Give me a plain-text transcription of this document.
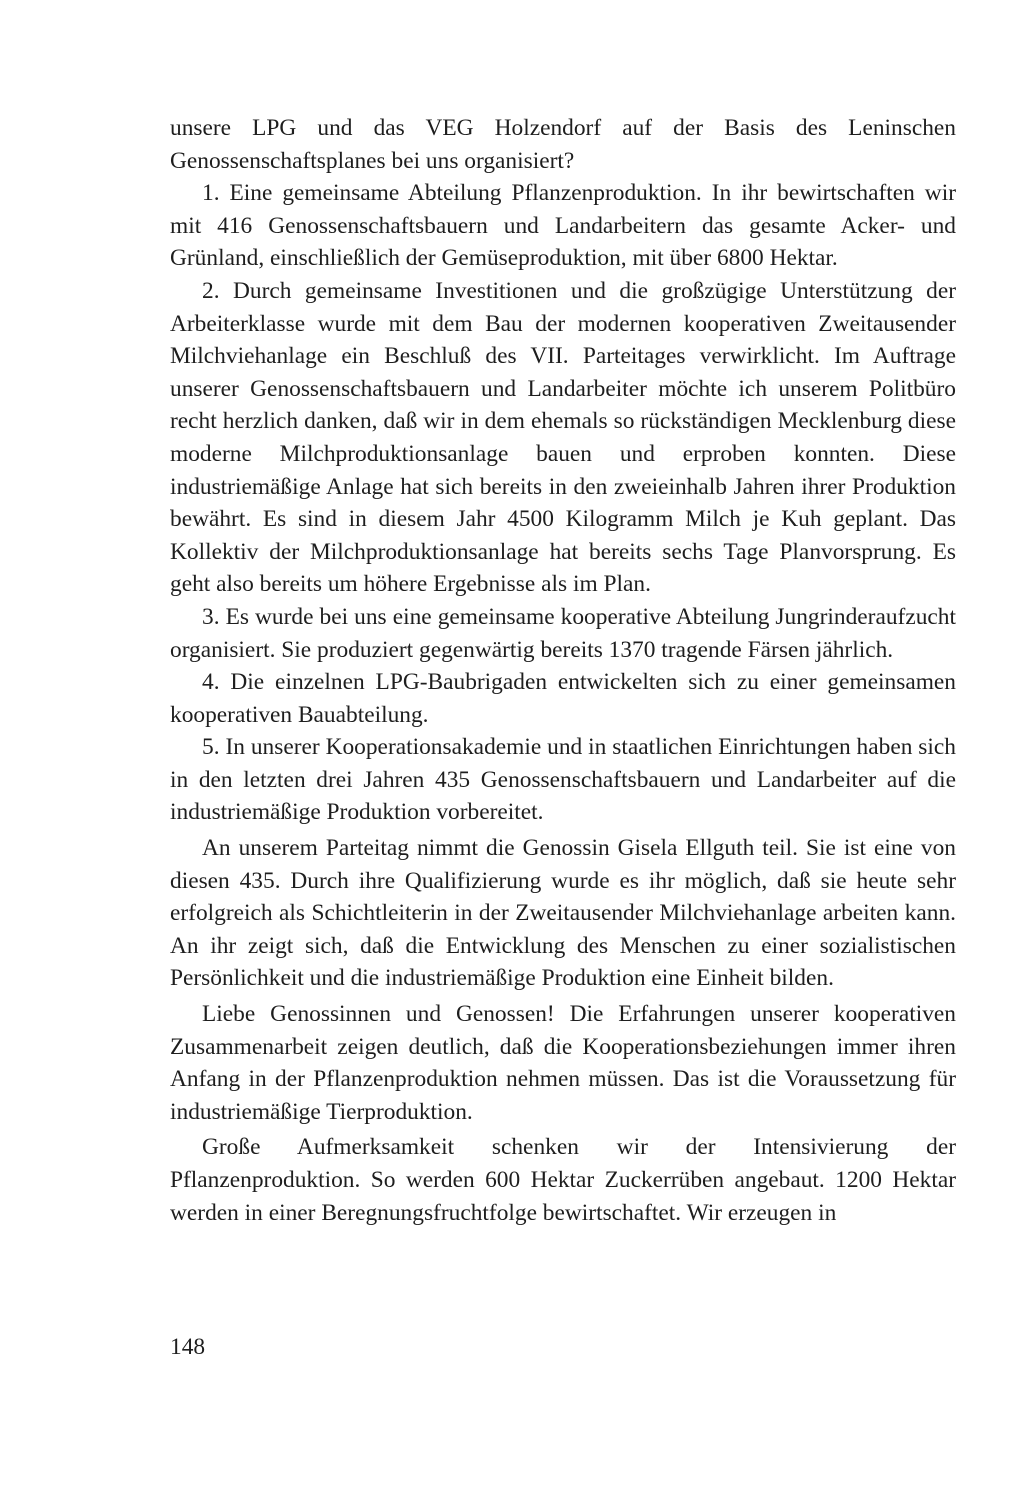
unsere LPG und das VEG Holzendorf auf der Basis des Leninschen Genossenschaftsplanes bei uns organisiert?

1. Eine gemeinsame Abteilung Pflanzenproduktion. In ihr bewirtschaften wir mit 416 Genossenschaftsbauern und Landarbeitern das gesamte Acker- und Grünland, einschließlich der Gemüseproduktion, mit über 6800 Hektar.

2. Durch gemeinsame Investitionen und die großzügige Unterstützung der Arbeiterklasse wurde mit dem Bau der modernen kooperativen Zweitausender Milchviehanlage ein Beschluß des VII. Parteitages verwirklicht. Im Auftrage unserer Genossenschaftsbauern und Landarbeiter möchte ich unserem Politbüro recht herzlich danken, daß wir in dem ehemals so rückständigen Mecklenburg diese moderne Milchproduktionsanlage bauen und erproben konnten. Diese industriemäßige Anlage hat sich bereits in den zweieinhalb Jahren ihrer Produktion bewährt. Es sind in diesem Jahr 4500 Kilogramm Milch je Kuh geplant. Das Kollektiv der Milchproduktionsanlage hat bereits sechs Tage Planvorsprung. Es geht also bereits um höhere Ergebnisse als im Plan.

3. Es wurde bei uns eine gemeinsame kooperative Abteilung Jungrinderaufzucht organisiert. Sie produziert gegenwärtig bereits 1370 tragende Färsen jährlich.

4. Die einzelnen LPG-Baubrigaden entwickelten sich zu einer gemeinsamen kooperativen Bauabteilung.

5. In unserer Kooperationsakademie und in staatlichen Einrichtungen haben sich in den letzten drei Jahren 435 Genossenschaftsbauern und Landarbeiter auf die industriemäßige Produktion vorbereitet.

An unserem Parteitag nimmt die Genossin Gisela Ellguth teil. Sie ist eine von diesen 435. Durch ihre Qualifizierung wurde es ihr möglich, daß sie heute sehr erfolgreich als Schichtleiterin in der Zweitausender Milchviehanlage arbeiten kann. An ihr zeigt sich, daß die Entwicklung des Menschen zu einer sozialistischen Persönlichkeit und die industriemäßige Produktion eine Einheit bilden.

Liebe Genossinnen und Genossen! Die Erfahrungen unserer kooperativen Zusammenarbeit zeigen deutlich, daß die Kooperationsbeziehungen immer ihren Anfang in der Pflanzenproduktion nehmen müssen. Das ist die Voraussetzung für industriemäßige Tierproduktion.

Große Aufmerksamkeit schenken wir der Intensivierung der Pflanzenproduktion. So werden 600 Hektar Zuckerrüben angebaut. 1200 Hektar werden in einer Beregnungsfruchtfolge bewirtschaftet. Wir erzeugen in

148
